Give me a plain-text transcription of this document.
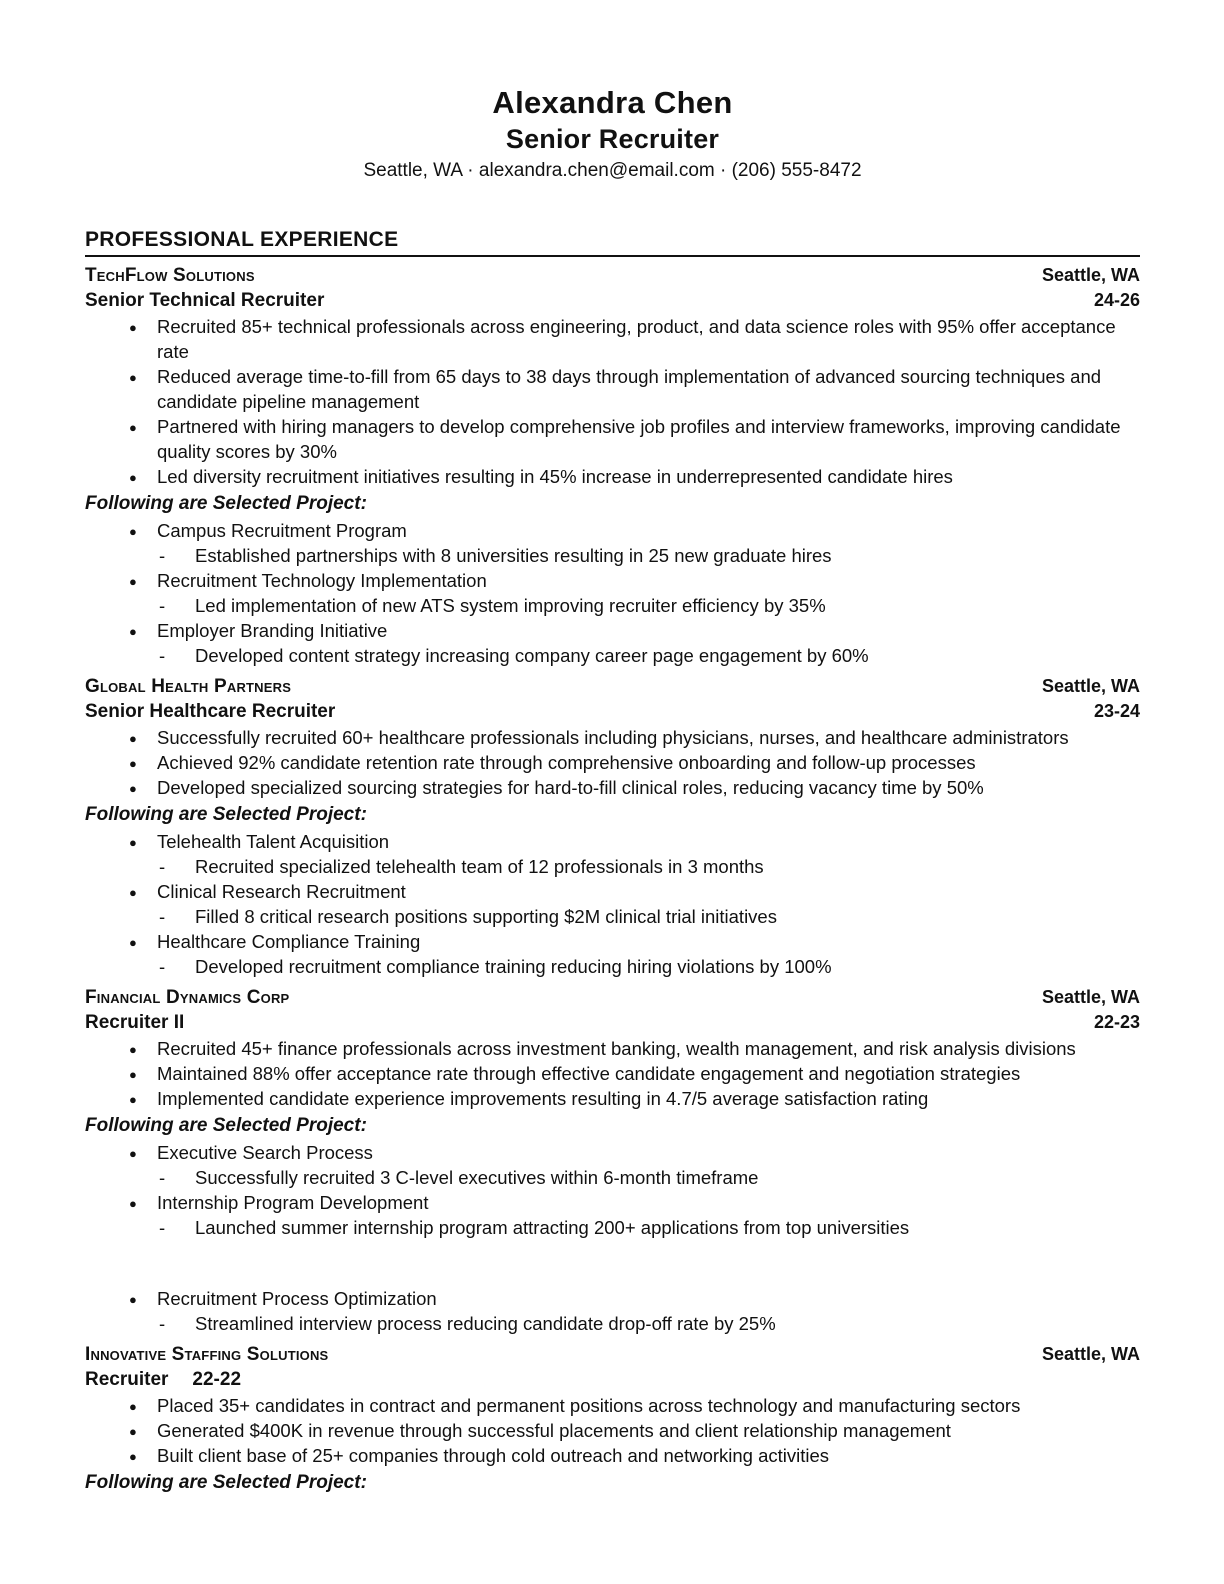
Alexandra Chen
Senior Recruiter
Seattle, WA · alexandra.chen@email.com · (206) 555-8472
PROFESSIONAL EXPERIENCE
TechFlow Solutions	Seattle, WA
Senior Technical Recruiter	24-26
● Recruited 85+ technical professionals across engineering, product, and data science roles with 95% offer acceptance rate
● Reduced average time-to-fill from 65 days to 38 days through implementation of advanced sourcing techniques and candidate pipeline management
● Partnered with hiring managers to develop comprehensive job profiles and interview frameworks, improving candidate quality scores by 30%
● Led diversity recruitment initiatives resulting in 45% increase in underrepresented candidate hires
Following are Selected Project:
● Campus Recruitment Program
- Established partnerships with 8 universities resulting in 25 new graduate hires
● Recruitment Technology Implementation
- Led implementation of new ATS system improving recruiter efficiency by 35%
● Employer Branding Initiative
- Developed content strategy increasing company career page engagement by 60%
Global Health Partners	Seattle, WA
Senior Healthcare Recruiter	23-24
● Successfully recruited 60+ healthcare professionals including physicians, nurses, and healthcare administrators
● Achieved 92% candidate retention rate through comprehensive onboarding and follow-up processes
● Developed specialized sourcing strategies for hard-to-fill clinical roles, reducing vacancy time by 50%
Following are Selected Project:
● Telehealth Talent Acquisition
- Recruited specialized telehealth team of 12 professionals in 3 months
● Clinical Research Recruitment
- Filled 8 critical research positions supporting $2M clinical trial initiatives
● Healthcare Compliance Training
- Developed recruitment compliance training reducing hiring violations by 100%
Financial Dynamics Corp	Seattle, WA
Recruiter II	22-23
● Recruited 45+ finance professionals across investment banking, wealth management, and risk analysis divisions
● Maintained 88% offer acceptance rate through effective candidate engagement and negotiation strategies
● Implemented candidate experience improvements resulting in 4.7/5 average satisfaction rating
Following are Selected Project:
● Executive Search Process
- Successfully recruited 3 C-level executives within 6-month timeframe
● Internship Program Development
- Launched summer internship program attracting 200+ applications from top universities
● Recruitment Process Optimization
- Streamlined interview process reducing candidate drop-off rate by 25%
Innovative Staffing Solutions	Seattle, WA
Recruiter 22-22
● Placed 35+ candidates in contract and permanent positions across technology and manufacturing sectors
● Generated $400K in revenue through successful placements and client relationship management
● Built client base of 25+ companies through cold outreach and networking activities
Following are Selected Project:
